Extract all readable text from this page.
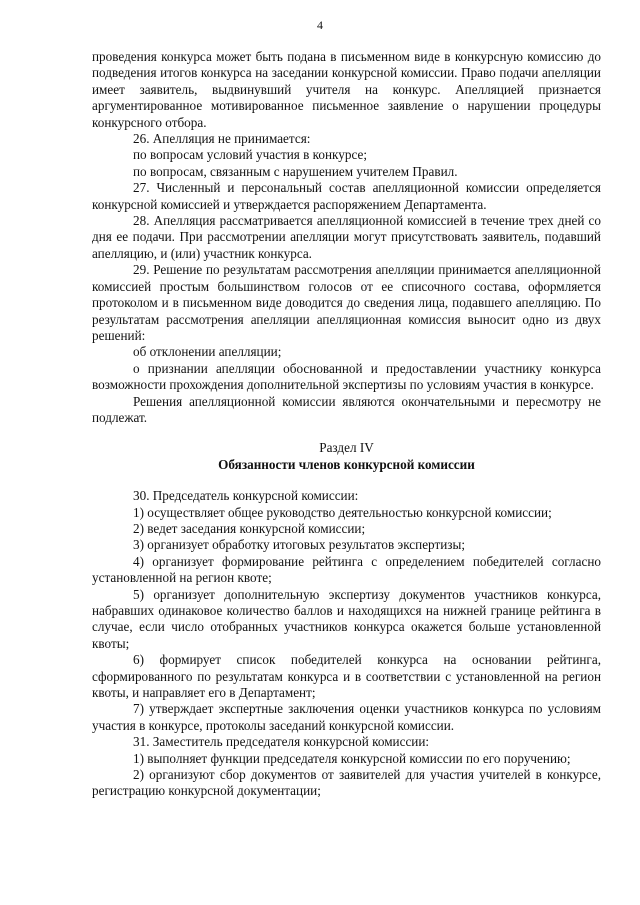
4

проведения конкурса может быть подана в письменном виде в конкурсную комиссию до подведения итогов конкурса на заседании конкурсной комиссии. Право подачи апелляции имеет заявитель, выдвинувший учителя на конкурс. Апелляцией признается аргументированное мотивированное письменное заявление о нарушении процедуры конкурсного отбора.

26. Апелляция не принимается:

по вопросам условий участия в конкурсе;

по вопросам, связанным с нарушением учителем Правил.

27. Численный и персональный состав апелляционной комиссии определяется конкурсной комиссией и утверждается распоряжением Департамента.

28. Апелляция рассматривается апелляционной комиссией в течение трех дней со дня ее подачи. При рассмотрении апелляции могут присутствовать заявитель, подавший апелляцию, и (или) участник конкурса.

29. Решение по результатам рассмотрения апелляции принимается апелляционной комиссией простым большинством голосов от ее списочного состава, оформляется протоколом и в письменном виде доводится до сведения лица, подавшего апелляцию. По результатам рассмотрения апелляции апелляционная комиссия выносит одно из двух решений:

об отклонении апелляции;

о признании апелляции обоснованной и предоставлении участнику конкурса возможности прохождения дополнительной экспертизы по условиям участия в конкурсе.

Решения апелляционной комиссии являются окончательными и пересмотру не подлежат.

Раздел IV

Обязанности членов конкурсной комиссии

30. Председатель конкурсной комиссии:

1) осуществляет общее руководство деятельностью конкурсной комиссии;

2) ведет заседания конкурсной комиссии;

3) организует обработку итоговых результатов экспертизы;

4) организует формирование рейтинга с определением победителей согласно установленной на регион квоте;

5) организует дополнительную экспертизу документов участников конкурса, набравших одинаковое количество баллов и находящихся на нижней границе рейтинга в случае, если число отобранных участников конкурса окажется больше установленной квоты;

6) формирует список победителей конкурса на основании рейтинга, сформированного по результатам конкурса и в соответствии с установленной на регион квоты, и направляет его в Департамент;

7) утверждает экспертные заключения оценки участников конкурса по условиям участия в конкурсе, протоколы заседаний конкурсной комиссии.

31. Заместитель председателя конкурсной комиссии:

1) выполняет функции председателя конкурсной комиссии по его поручению;

2) организуют сбор документов от заявителей для участия учителей в конкурсе, регистрацию конкурсной документации;
